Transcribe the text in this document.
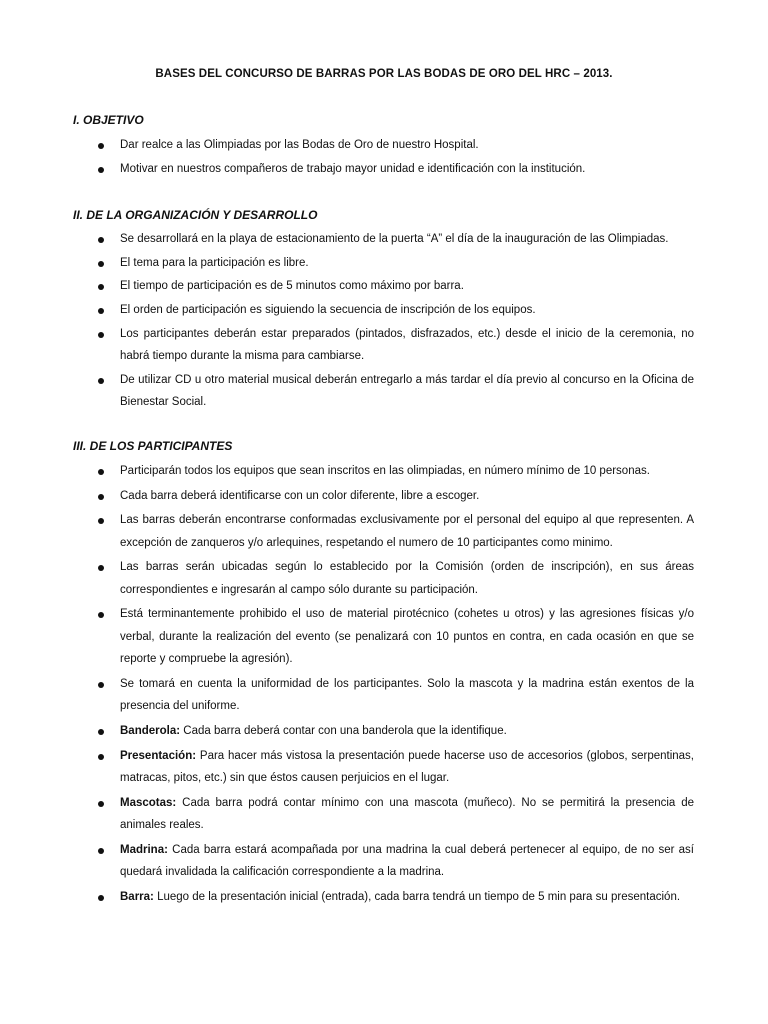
BASES DEL CONCURSO DE BARRAS POR LAS BODAS DE ORO DEL HRC – 2013.
I. OBJETIVO
Dar realce a las Olimpiadas por las Bodas de Oro de nuestro Hospital.
Motivar en nuestros compañeros de trabajo mayor unidad e identificación con la institución.
II. DE LA ORGANIZACIÓN Y DESARROLLO
Se desarrollará en la playa de estacionamiento de la puerta “A” el día de la inauguración de las Olimpiadas.
El tema para la participación es libre.
El tiempo de participación es de 5 minutos como máximo por barra.
El orden de participación es siguiendo la secuencia de inscripción de los equipos.
Los participantes deberán estar preparados (pintados, disfrazados, etc.) desde el inicio de la ceremonia, no habrá tiempo durante la misma para cambiarse.
De utilizar CD u otro material musical deberán entregarlo a más tardar el día previo al concurso en la Oficina de Bienestar Social.
III. DE LOS PARTICIPANTES
Participarán todos los equipos que sean inscritos en las olimpiadas, en número mínimo de 10 personas.
Cada barra deberá identificarse con un color diferente, libre a escoger.
Las barras deberán encontrarse conformadas exclusivamente por el personal del equipo al que representen. A excepción de zanqueros y/o arlequines, respetando el numero de 10 participantes como minimo.
Las barras serán ubicadas según lo establecido por la Comisión (orden de inscripción), en sus áreas correspondientes e ingresarán al campo sólo durante su participación.
Está terminantemente prohibido el uso de material pirotécnico (cohetes u otros) y las agresiones físicas y/o verbal, durante la realización del evento (se penalizará con 10 puntos en contra, en cada ocasión en que se reporte y compruebe la agresión).
Se tomará en cuenta la uniformidad de los participantes. Solo la mascota y la madrina están exentos de la presencia del uniforme.
Banderola: Cada barra deberá contar con una banderola que la identifique.
Presentación: Para hacer más vistosa la presentación puede hacerse uso de accesorios (globos, serpentinas, matracas, pitos, etc.) sin que éstos causen perjuicios en el lugar.
Mascotas: Cada barra podrá contar mínimo con una mascota (muñeco). No se permitirá la presencia de animales reales.
Madrina: Cada barra estará acompañada por una madrina la cual deberá pertenecer al equipo, de no ser así quedará invalidada la calificación correspondiente a la madrina.
Barra: Luego de la presentación inicial (entrada), cada barra tendrá un tiempo de 5 min para su presentación.
